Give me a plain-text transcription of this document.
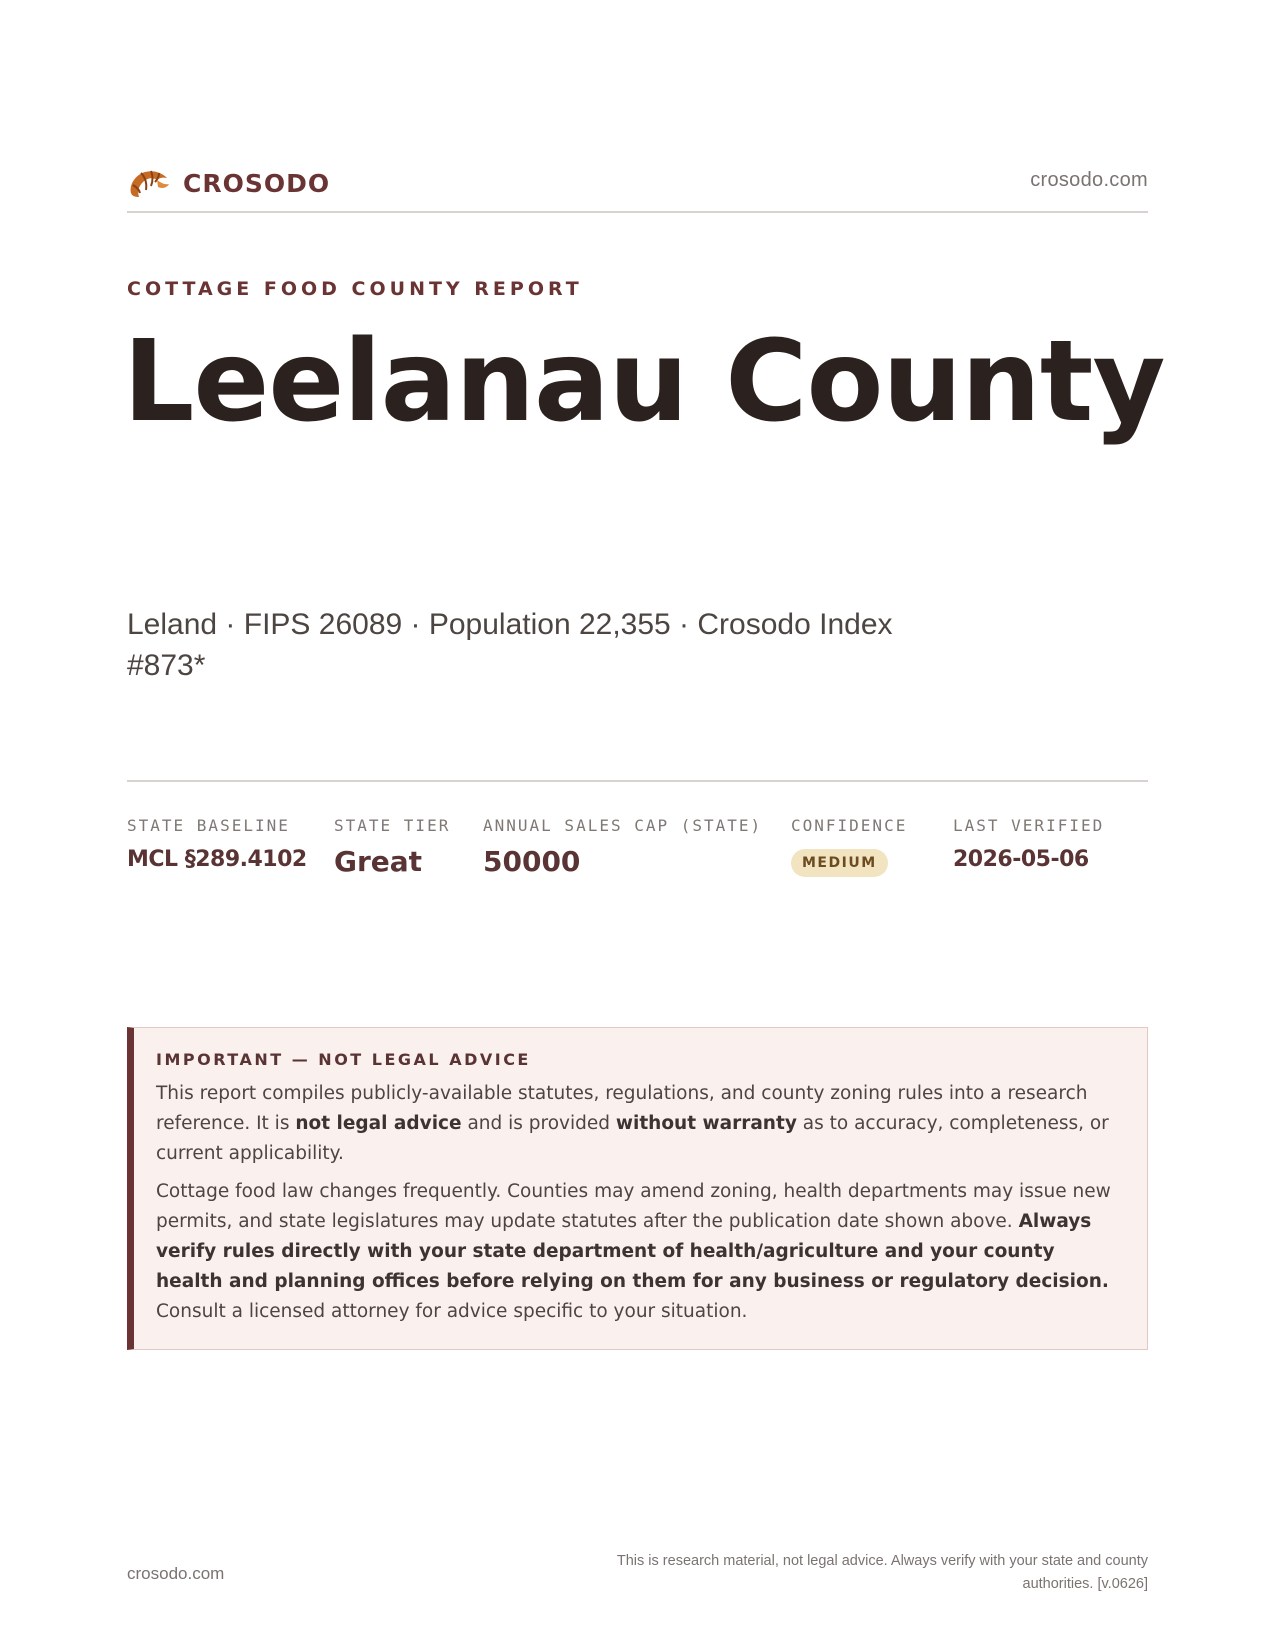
CROSODO	crosodo.com
COTTAGE FOOD COUNTY REPORT
Leelanau County
Leland · FIPS 26089 · Population 22,355 · Crosodo Index #873*
STATE BASELINE
MCL §289.4102
STATE TIER
Great
ANNUAL SALES CAP (STATE)
50000
CONFIDENCE
MEDIUM
LAST VERIFIED
2026-05-06
IMPORTANT — NOT LEGAL ADVICE

This report compiles publicly-available statutes, regulations, and county zoning rules into a research reference. It is not legal advice and is provided without warranty as to accuracy, completeness, or current applicability.

Cottage food law changes frequently. Counties may amend zoning, health departments may issue new permits, and state legislatures may update statutes after the publication date shown above. Always verify rules directly with your state department of health/agriculture and your county health and planning offices before relying on them for any business or regulatory decision. Consult a licensed attorney for advice specific to your situation.

crosodo.com
This is research material, not legal advice. Always verify with your state and county authorities. [v.0626]
